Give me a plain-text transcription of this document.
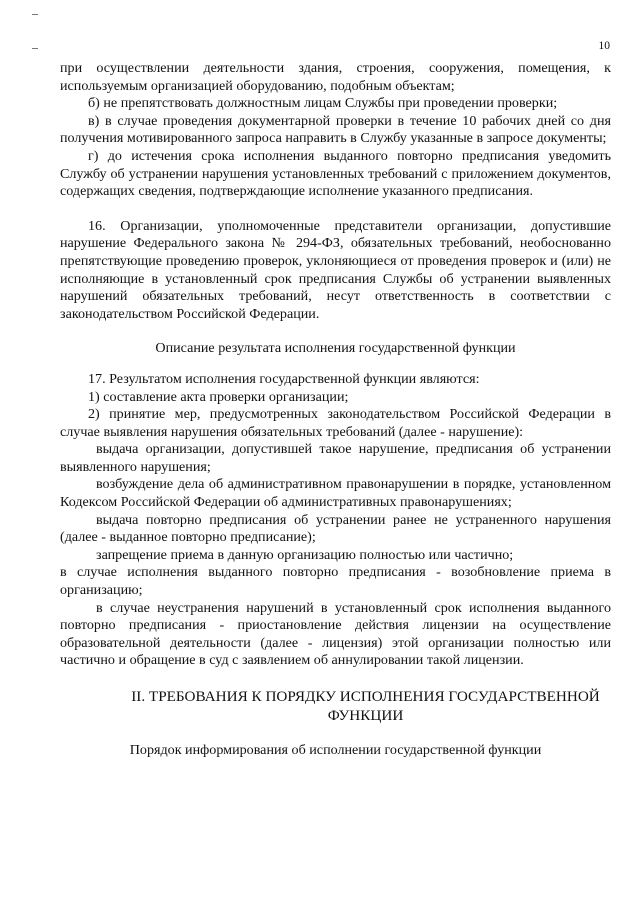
10

при осуществлении деятельности здания, строения, сооружения, помещения, к используемым организацией оборудованию, подобным объектам;

б) не препятствовать должностным лицам Службы при проведении проверки;

в) в случае проведения документарной проверки в течение 10 рабочих дней со дня получения мотивированного запроса направить в Службу указанные в запросе документы;

г) до истечения срока исполнения выданного повторно предписания уведомить Службу об устранении нарушения установленных требований с приложением документов, содержащих сведения, подтверждающие исполнение указанного предписания.

16. Организации, уполномоченные представители организации, допустившие нарушение Федерального закона № 294-ФЗ, обязательных требований, необоснованно препятствующие проведению проверок, уклоняющиеся от проведения проверок и (или) не исполняющие в установленный срок предписания Службы об устранении выявленных нарушений обязательных требований, несут ответственность в соответствии с законодательством Российской Федерации.

Описание результата исполнения государственной функции

17. Результатом исполнения государственной функции являются:

1) составление акта проверки организации;

2) принятие мер, предусмотренных законодательством Российской Федерации в случае выявления нарушения обязательных требований (далее - нарушение):

выдача организации, допустившей такое нарушение, предписания об устранении выявленного нарушения;

возбуждение дела об административном правонарушении в порядке, установленном Кодексом Российской Федерации об административных правонарушениях;

выдача повторно предписания об устранении ранее не устраненного нарушения (далее - выданное повторно предписание);

запрещение приема в данную организацию полностью или частично;

в случае исполнения выданного повторно предписания - возобновление приема в организацию;

в случае неустранения нарушений в установленный срок исполнения выданного повторно предписания - приостановление действия лицензии на осуществление образовательной деятельности (далее - лицензия) этой организации полностью или частично и обращение в суд с заявлением об аннулировании такой лицензии.

II. ТРЕБОВАНИЯ К ПОРЯДКУ ИСПОЛНЕНИЯ ГОСУДАРСТВЕННОЙ ФУНКЦИИ

Порядок информирования об исполнении государственной функции
